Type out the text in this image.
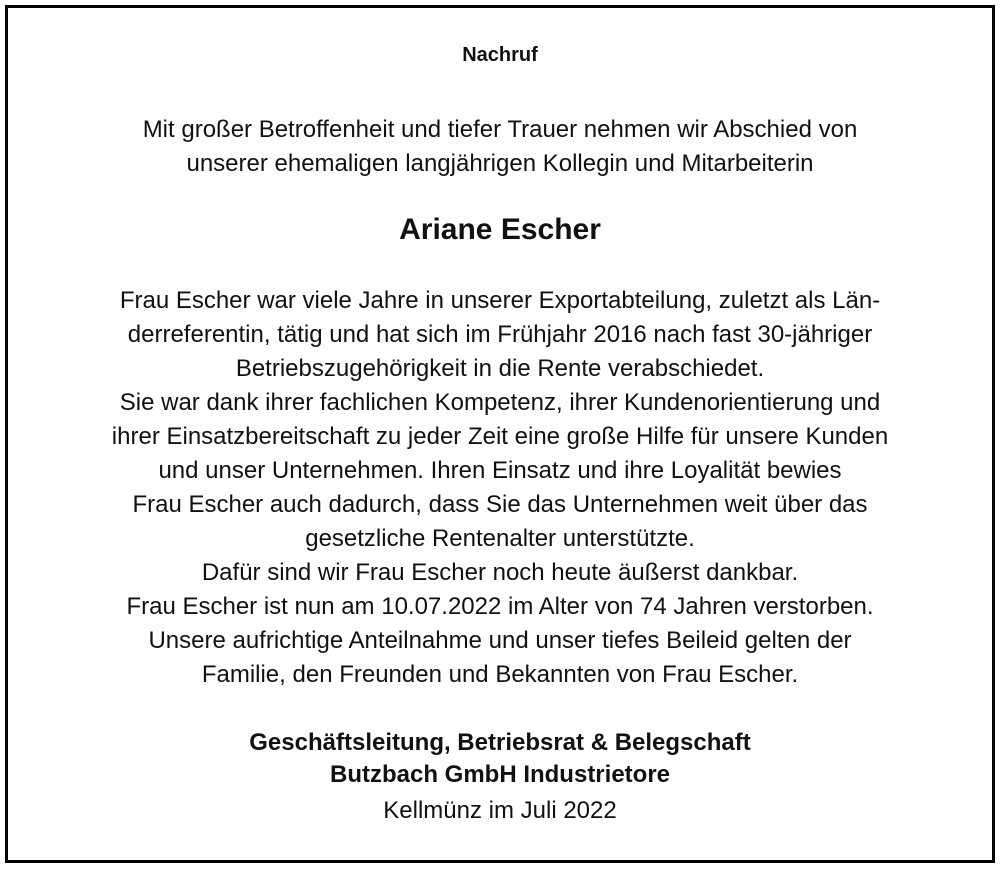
Nachruf
Mit großer Betroffenheit und tiefer Trauer nehmen wir Abschied von
unserer ehemaligen langjährigen Kollegin und Mitarbeiterin
Ariane Escher
Frau Escher war viele Jahre in unserer Exportabteilung, zuletzt als Län-
derreferentin, tätig und hat sich im Frühjahr 2016 nach fast 30-jähriger
Betriebszugehörigkeit in die Rente verabschiedet.
Sie war dank ihrer fachlichen Kompetenz, ihrer Kundenorientierung und
ihrer Einsatzbereitschaft zu jeder Zeit eine große Hilfe für unsere Kunden
und unser Unternehmen. Ihren Einsatz und ihre Loyalität bewies
Frau Escher auch dadurch, dass Sie das Unternehmen weit über das
gesetzliche Rentenalter unterstützte.
Dafür sind wir Frau Escher noch heute äußerst dankbar.
Frau Escher ist nun am 10.07.2022 im Alter von 74 Jahren verstorben.
Unsere aufrichtige Anteilnahme und unser tiefes Beileid gelten der
Familie, den Freunden und Bekannten von Frau Escher.
Geschäftsleitung, Betriebsrat & Belegschaft
Butzbach GmbH Industrietore
Kellmünz im Juli 2022
